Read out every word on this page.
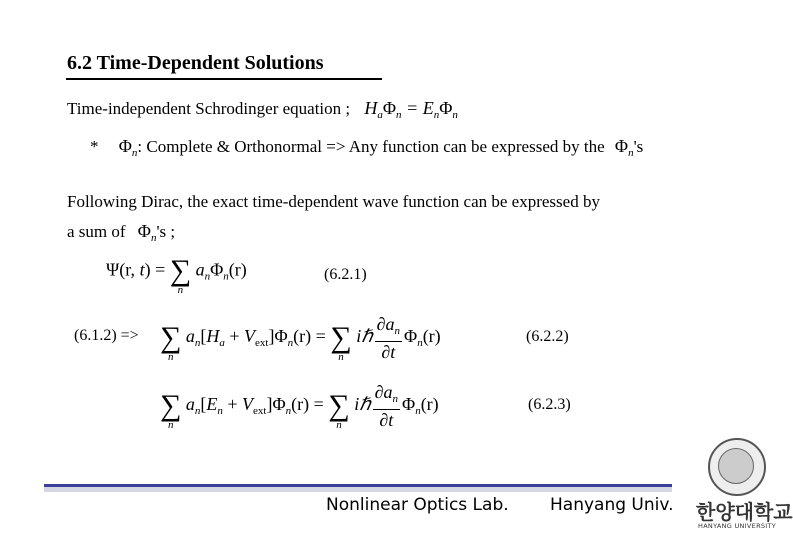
6.2 Time-Dependent Solutions
Time-independent Schrodinger equation ; $H_a\Phi_n = E_n\Phi_n$
* $\Phi_n$: Complete & Orthonormal => Any function can be expressed by the $\Phi_n's$
Following Dirac, the exact time-dependent wave function can be expressed by
a sum of $\Phi_n's$ ;
Ψ(r, t) = ∑
n
$a_n\Phi_n(r)$	(6.2.1)
(6.1.2) => ∑
n
$a_n[H_a + V_{ext}]\Phi_n(r)$ = ∑
n
iℏ $\frac{\partial a_n}{\partial t} \Phi_n(r)$	(6.2.2)
∑
n
$a_n[E_n + V_{ext}]\Phi_n(r)$ = ∑
n
iℏ $\frac{\partial a_n}{\partial t} \Phi_n(r)$	(6.2.3)
Nonlinear Optics Lab. Hanyang Univ. 한양대학교
HANYANG UNIVERSITY
